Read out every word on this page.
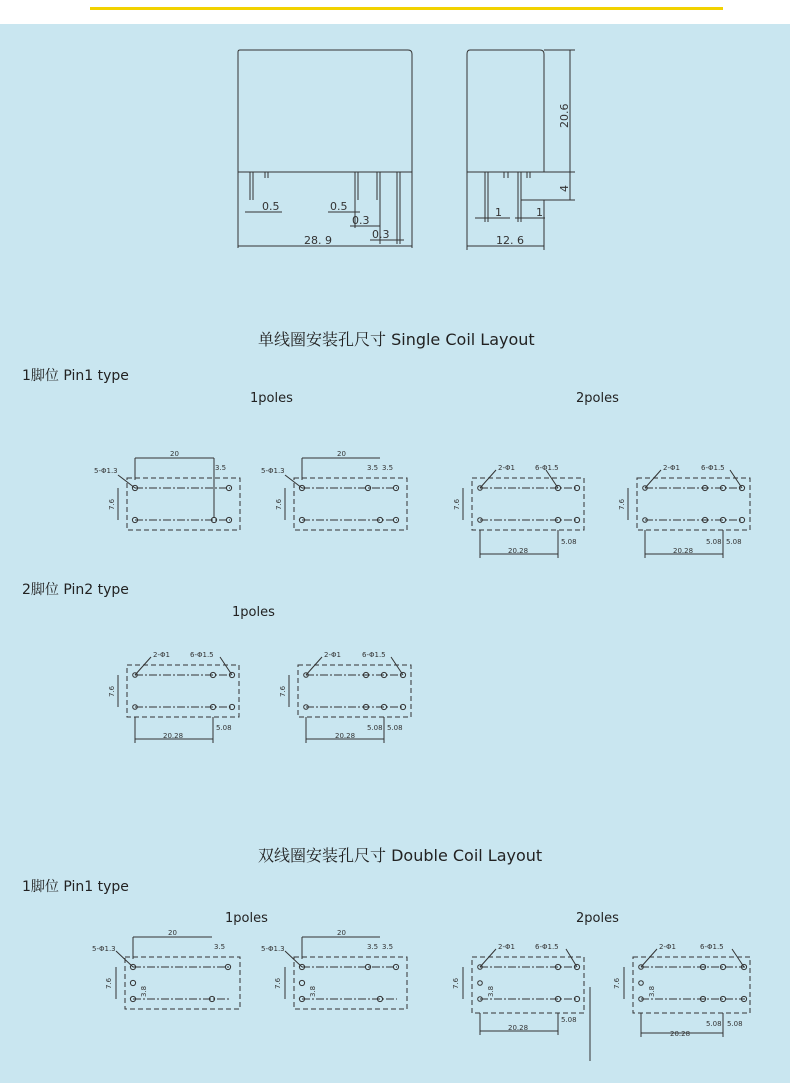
0.5	0.5
0.3
0.3
28. 9
1	1
12. 6
20.6
4
单线圈安装孔尺寸 Single Coil Layout
1脚位 Pin1 type
1poles	2poles
5-Φ1.3
20
3.5
7.6
5-Φ1.3
20
3.5 3.5
7.6
2-Φ1	6-Φ1.5
7.6
20.28
5.08
2-Φ1	6-Φ1.5
7.6
20.28
5.08 5.08
2脚位 Pin2 type
1poles
2-Φ1	6-Φ1.5
7.6
20.28
5.08
2-Φ1	6-Φ1.5
7.6
20.28
5.08 5.08
双线圈安装孔尺寸 Double Coil Layout
1脚位 Pin1 type
1poles	2poles
5-Φ1.3
20
3.5
7.6
3.8
5-Φ1.3
20
3.5 3.5
7.6
3.8
2-Φ1	6-Φ1.5
7.6
3.8
20.28
5.08
2-Φ1	6-Φ1.5
7.6
3.8
20.28
5.08 5.08
